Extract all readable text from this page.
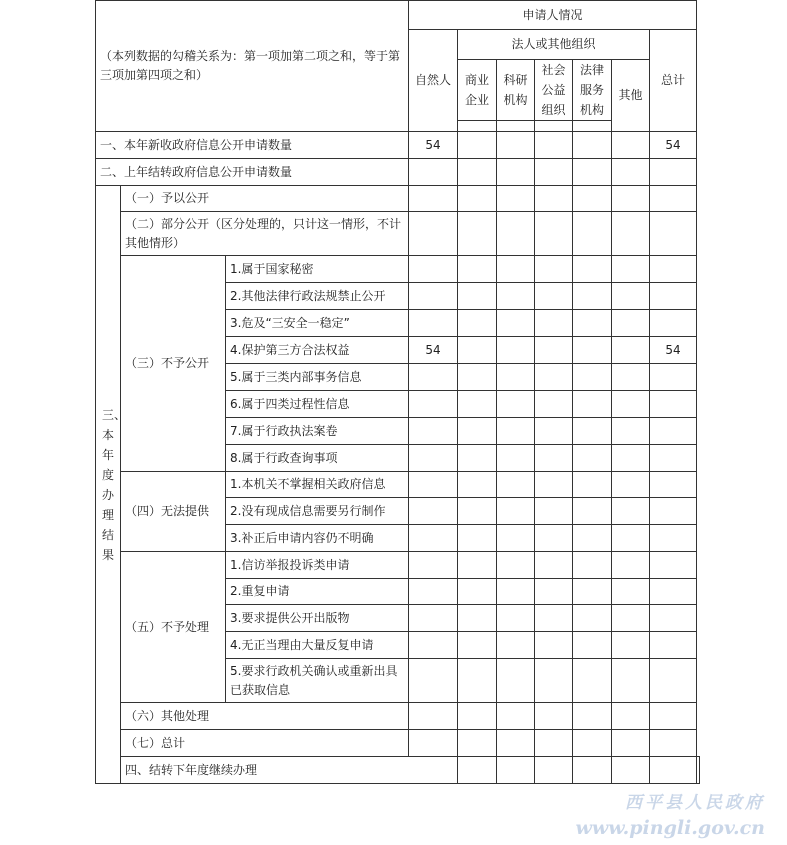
（本列数据的勾稽关系为：第一项加第二项之和，等于第三项加第四项之和）			申请人情况							
			自然人	法人或其他组织					总计	

				商业企业	科研机构	社会公益组织	法律服务机构	其他		

一、本年新收政府信息公开申请数量			54						54	
二、上年结转政府信息公开申请数量										

三、本年度办理结果	（一）予以公开									
	（二）部分公开（区分处理的，只计这一情形，不计其他情形）									
	（三）不予公开	1.属于国家秘密								
		2.其他法律行政法规禁止公开								
		3.危及“三安全一稳定”								
		4.保护第三方合法权益	54						54	
		5.属于三类内部事务信息								
		6.属于四类过程性信息								
		7.属于行政执法案卷								
		8.属于行政查询事项								
	（四）无法提供	1.本机关不掌握相关政府信息								
		2.没有现成信息需要另行制作								
		3.补正后申请内容仍不明确								
	（五）不予处理	1.信访举报投诉类申请								
		2.重复申请								
		3.要求提供公开出版物								
		4.无正当理由大量反复申请								
		5.要求行政机关确认或重新出具已获取信息								
	（六）其他处理									
	（七）总计									
	四、结转下年度继续办理									
西平县人民政府
www.pingli.gov.cn
